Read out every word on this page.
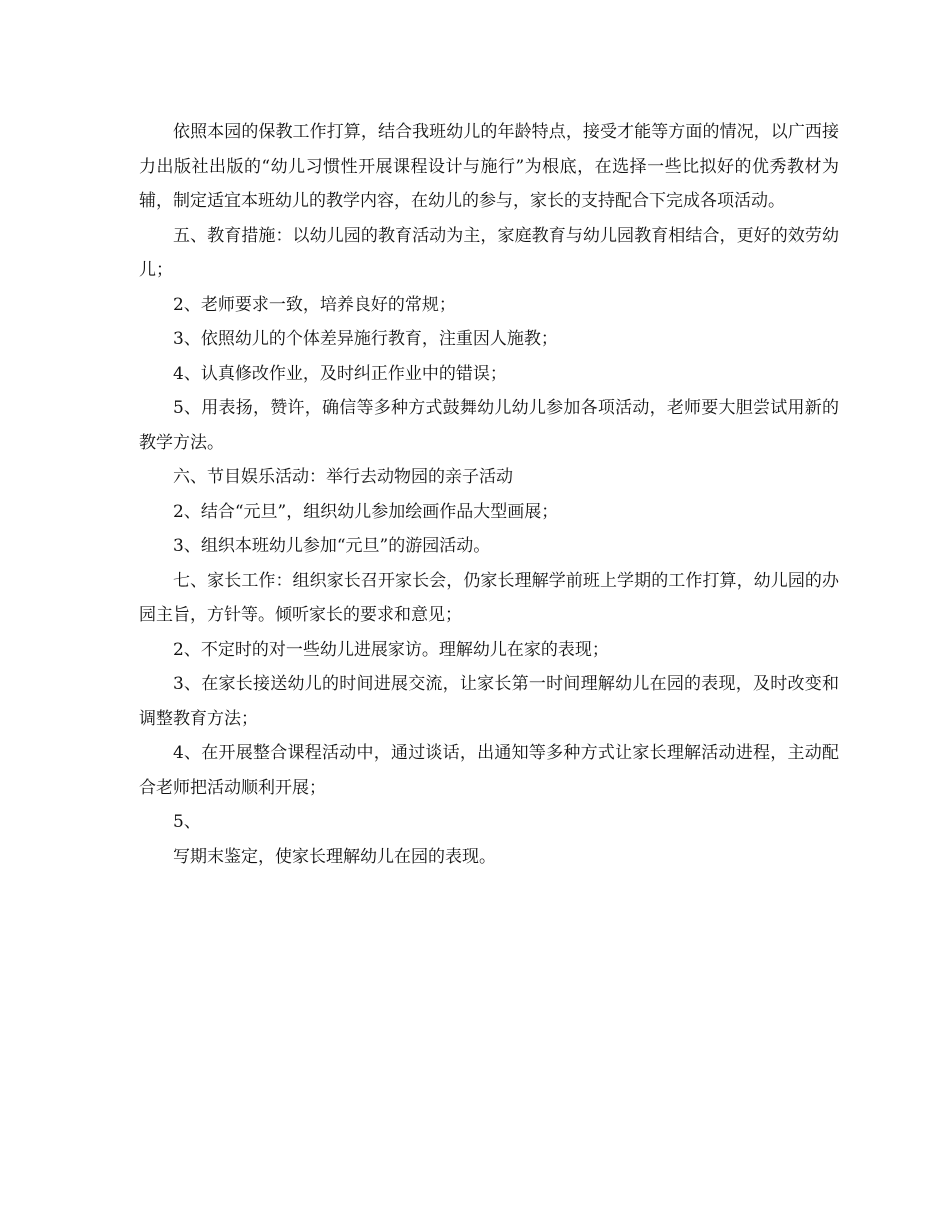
依照本园的保教工作打算，结合我班幼儿的年龄特点，接受才能等方面的情况，以广西接力出版社出版的“幼儿习惯性开展课程设计与施行”为根底，在选择一些比拟好的优秀教材为辅，制定适宜本班幼儿的教学内容，在幼儿的参与，家长的支持配合下完成各项活动。

五、教育措施：以幼儿园的教育活动为主，家庭教育与幼儿园教育相结合，更好的效劳幼儿；

2、老师要求一致，培养良好的常规；

3、依照幼儿的个体差异施行教育，注重因人施教；

4、认真修改作业，及时纠正作业中的错误；

5、用表扬，赞许，确信等多种方式鼓舞幼儿幼儿参加各项活动，老师要大胆尝试用新的教学方法。

六、节目娱乐活动：举行去动物园的亲子活动

2、结合“元旦”，组织幼儿参加绘画作品大型画展；

3、组织本班幼儿参加“元旦”的游园活动。

七、家长工作：组织家长召开家长会，仍家长理解学前班上学期的工作打算，幼儿园的办园主旨，方针等。倾听家长的要求和意见；

2、不定时的对一些幼儿进展家访。理解幼儿在家的表现；

3、在家长接送幼儿的时间进展交流，让家长第一时间理解幼儿在园的表现，及时改变和调整教育方法；

4、在开展整合课程活动中，通过谈话，出通知等多种方式让家长理解活动进程，主动配合老师把活动顺利开展；

5、

写期末鉴定，使家长理解幼儿在园的表现。
